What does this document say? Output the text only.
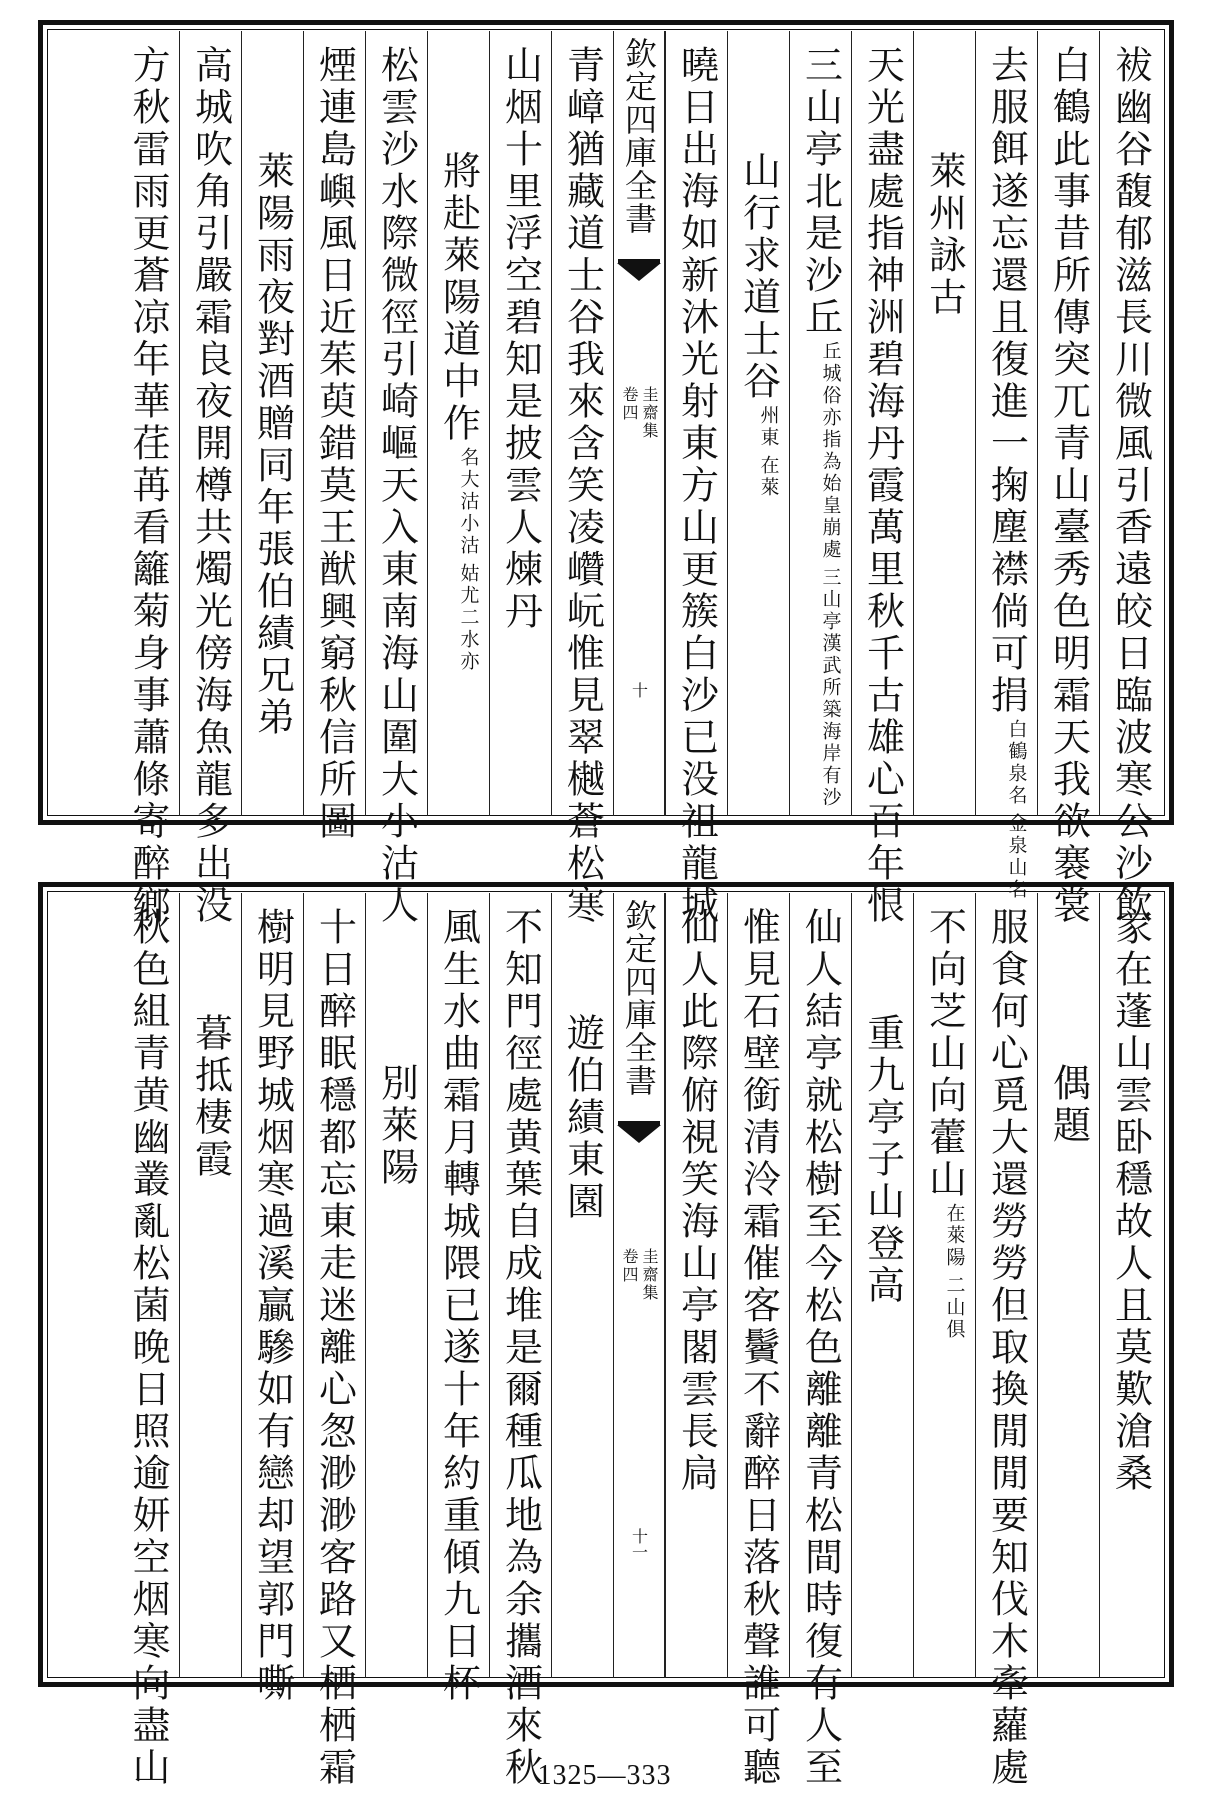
袚幽谷馥郁滋長川微風引香遠皎日臨波寒公沙飲
白鶴此事昔所傳突兀青山臺秀色明霜天我欲褰裳
去服餌遂忘還且復進一掬塵襟倘可捐
金泉山名
白鶴泉名
萊州詠古
天光盡處指神洲碧海丹霞萬里秋千古雄心百年恨
三山亭北是沙丘
三山亭漢武所築海岸有沙
丘城俗亦指為始皇崩處
山行求道士谷
在萊
州東
曉日出海如新沐光射東方山更簇白沙已没祖龍城
欽定四庫全書
圭齋集
卷四
十
青嶂猶藏道士谷我來含笑凌巑岏惟見翠樾蒼松寒
山烟十里浮空碧知是披雲人煉丹
將赴萊陽道中作
姑尤二水亦
名大沽小沽
松雲沙水際微徑引崎嶇天入東南海山圍大小沽人
煙連島嶼風日近茱萸錯莫王猷興窮秋信所圖
萊陽雨夜對酒贈同年張伯績兄弟
高城吹角引嚴霜良夜開樽共燭光傍海魚龍多出没
方秋雷雨更蒼凉年華荏苒看籬菊身事蕭條寄醉鄉
家在蓬山雲卧穩故人且莫歎滄桑
偶題
服食何心覓大還勞勞但取換閒閒要知伐木牽蘿處
不向芝山向藿山
二山俱
在萊陽
重九亭子山登高
仙人結亭就松樹至今松色離離青松間時復有人至
惟見石壁銜清泠霜催客鬢不辭醉日落秋聲誰可聽
仙人此際俯視笑海山亭閣雲長扃
欽定四庫全書
圭齋集
卷四
十一
遊伯績東園
不知門徑處黄葉自成堆是爾種瓜地為余攜酒來秋
風生水曲霜月轉城隈已遂十年約重傾九日杯
別萊陽
十日醉眠穩都忘東走迷離心怱渺渺客路又栖栖霜
樹明見野城烟寒過溪贏驂如有戀却望郭門嘶
暮抵棲霞
秋色組青黄幽叢亂松菌晚日照逾妍空烟寒向盡山	1325—333
